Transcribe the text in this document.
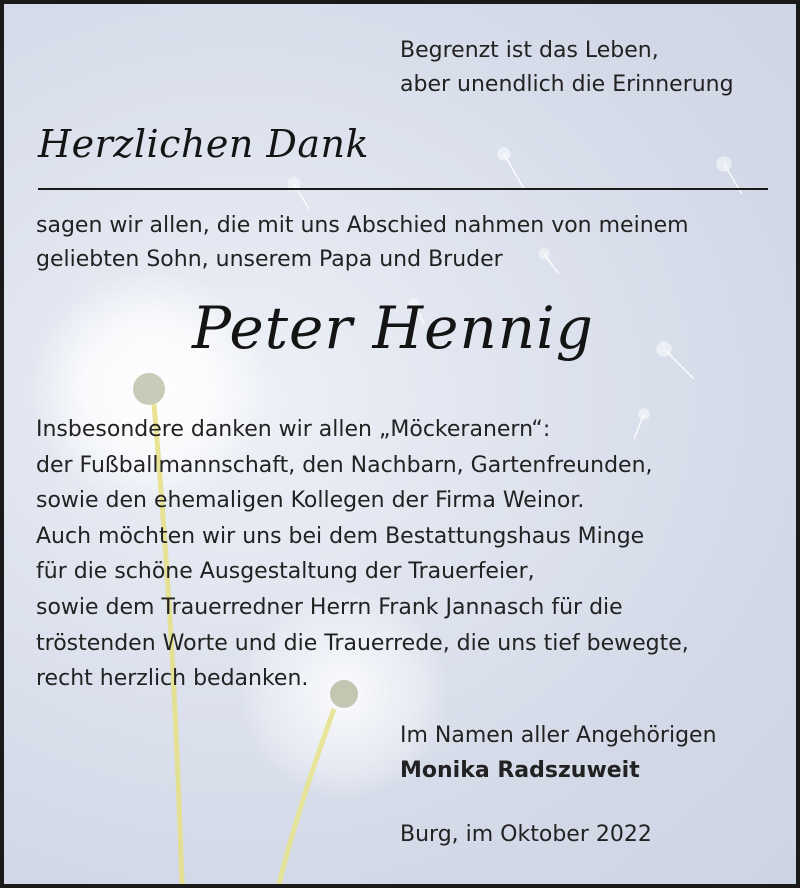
Begrenzt ist das Leben,
aber unendlich die Erinnerung
Herzlichen Dank
sagen wir allen, die mit uns Abschied nahmen von meinem
geliebten Sohn, unserem Papa und Bruder
Peter Hennig
Insbesondere danken wir allen „Möckeranern“:
der Fußballmannschaft, den Nachbarn, Gartenfreunden,
sowie den ehemaligen Kollegen der Firma Weinor.
Auch möchten wir uns bei dem Bestattungshaus Minge
für die schöne Ausgestaltung der Trauerfeier,
sowie dem Trauerredner Herrn Frank Jannasch für die
tröstenden Worte und die Trauerrede, die uns tief bewegte,
recht herzlich bedanken.
Im Namen aller Angehörigen
Monika Radszuweit
Burg, im Oktober 2022
